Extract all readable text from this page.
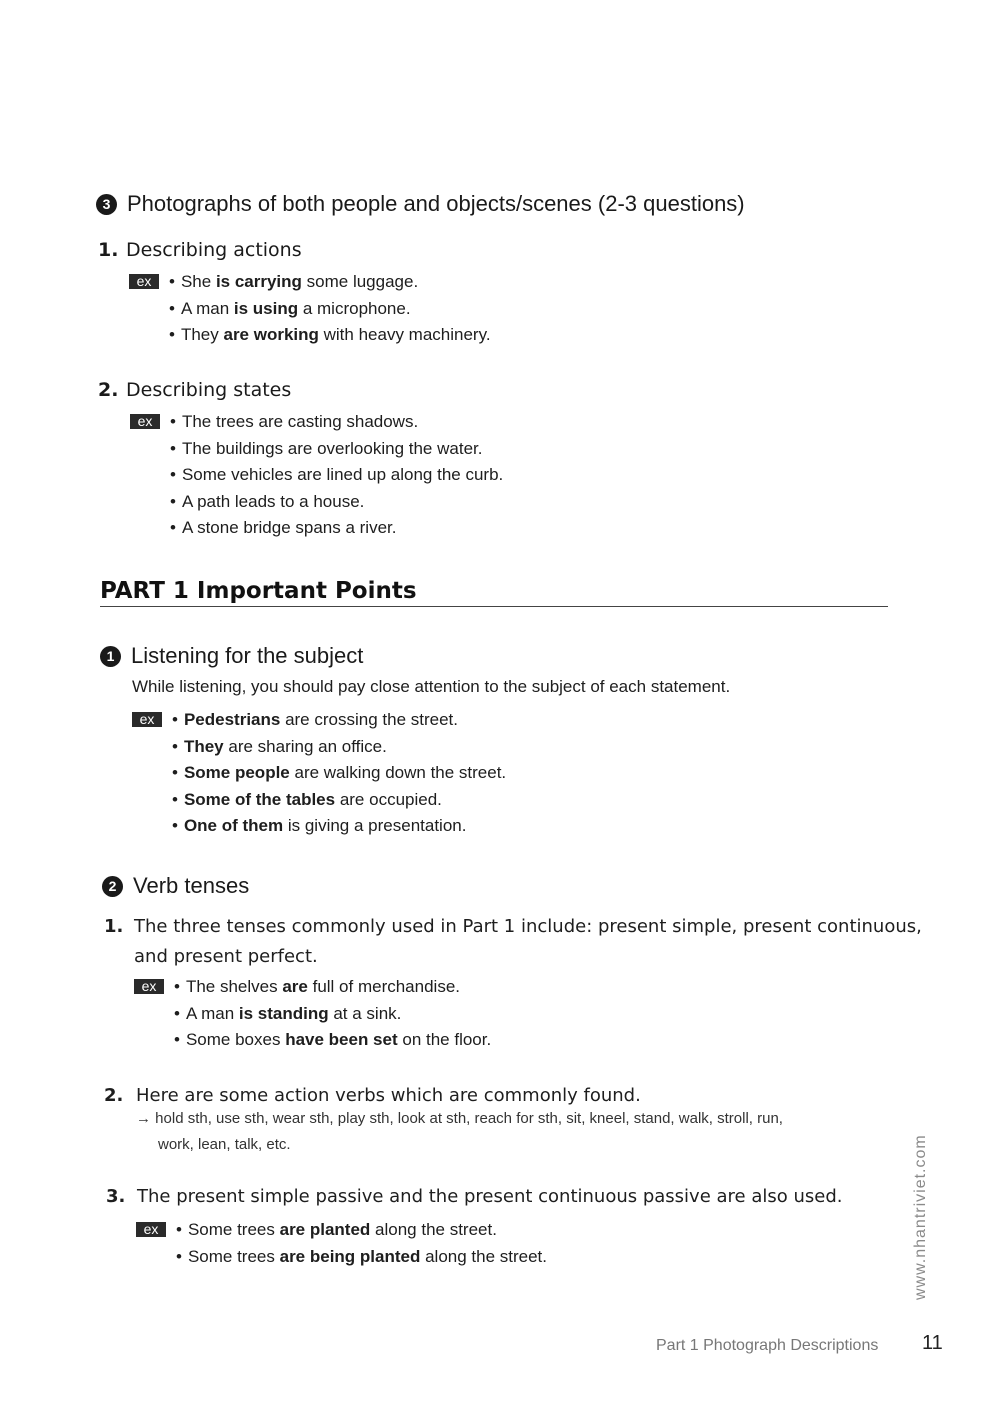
3 Photographs of both people and objects/scenes (2-3 questions)
1. Describing actions
ex	• She is carrying some luggage.
• A man is using a microphone.
• They are working with heavy machinery.
2. Describing states
ex	• The trees are casting shadows.
• The buildings are overlooking the water.
• Some vehicles are lined up along the curb.
• A path leads to a house.
• A stone bridge spans a river.
PART 1 Important Points
1 Listening for the subject
While listening, you should pay close attention to the subject of each statement.
ex	• Pedestrians are crossing the street.
• They are sharing an office.
• Some people are walking down the street.
• Some of the tables are occupied.
• One of them is giving a presentation.
2 Verb tenses
1. The three tenses commonly used in Part 1 include: present simple, present continuous,
and present perfect.
ex	• The shelves are full of merchandise.
• A man is standing at a sink.
• Some boxes have been set on the floor.
2. Here are some action verbs which are commonly found.
→ hold sth, use sth, wear sth, play sth, look at sth, reach for sth, sit, kneel, stand, walk, stroll, run,
work, lean, talk, etc.
3. The present simple passive and the present continuous passive are also used.
ex	• Some trees are planted along the street.
• Some trees are being planted along the street.	www.nhantriviet.com
Part 1 Photograph Descriptions 11
